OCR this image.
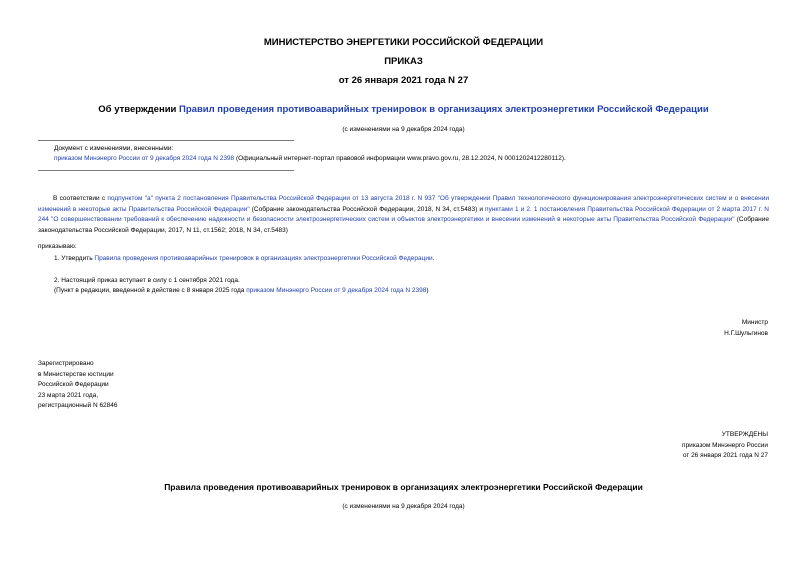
МИНИСТЕРСТВО ЭНЕРГЕТИКИ РОССИЙСКОЙ ФЕДЕРАЦИИ
ПРИКАЗ
от 26 января 2021 года N 27
Об утверждении Правил проведения противоаварийных тренировок в организациях электроэнергетики Российской Федерации
(с изменениями на 9 декабря 2024 года)
Документ с изменениями, внесенными:
приказом Минэнерго России от 9 декабря 2024 года N 2398 (Официальный интернет-портал правовой информации www.pravo.gov.ru, 28.12.2024, N 0001202412280112).
В соответствии с подпунктом "а" пункта 2 постановления Правительства Российской Федерации от 13 августа 2018 г. N 937 "Об утверждении Правил технологического функционирования электроэнергетических систем и о внесении изменений в некоторые акты Правительства Российской Федерации" (Собрание законодательства Российской Федерации, 2018, N 34, ст.5483) и пунктами 1 и 2. 1 постановления Правительства Российской Федерации от 2 марта 2017 г. N 244 "О совершенствовании требований к обеспечению надежности и безопасности электроэнергетических систем и объектов электроэнергетики и внесении изменений в некоторые акты Правительства Российской Федерации" (Собрание законодательства Российской Федерации, 2017, N 11, ст.1562; 2018, N 34, ст.5483)
приказываю:
1. Утвердить Правила проведения противоаварийных тренировок в организациях электроэнергетики Российской Федерации.
2. Настоящий приказ вступает в силу с 1 сентября 2021 года.
(Пункт в редакции, введенной в действие с 8 января 2025 года приказом Минэнерго России от 9 декабря 2024 года N 2398)
Министр
Н.Г.Шульгинов
Зарегистрировано
в Министерстве юстиции
Российской Федерации
23 марта 2021 года,
регистрационный N 62846
УТВЕРЖДЕНЫ
приказом Минэнерго России
от 26 января 2021 года N 27
Правила проведения противоаварийных тренировок в организациях электроэнергетики Российской Федерации
(с изменениями на 9 декабря 2024 года)
